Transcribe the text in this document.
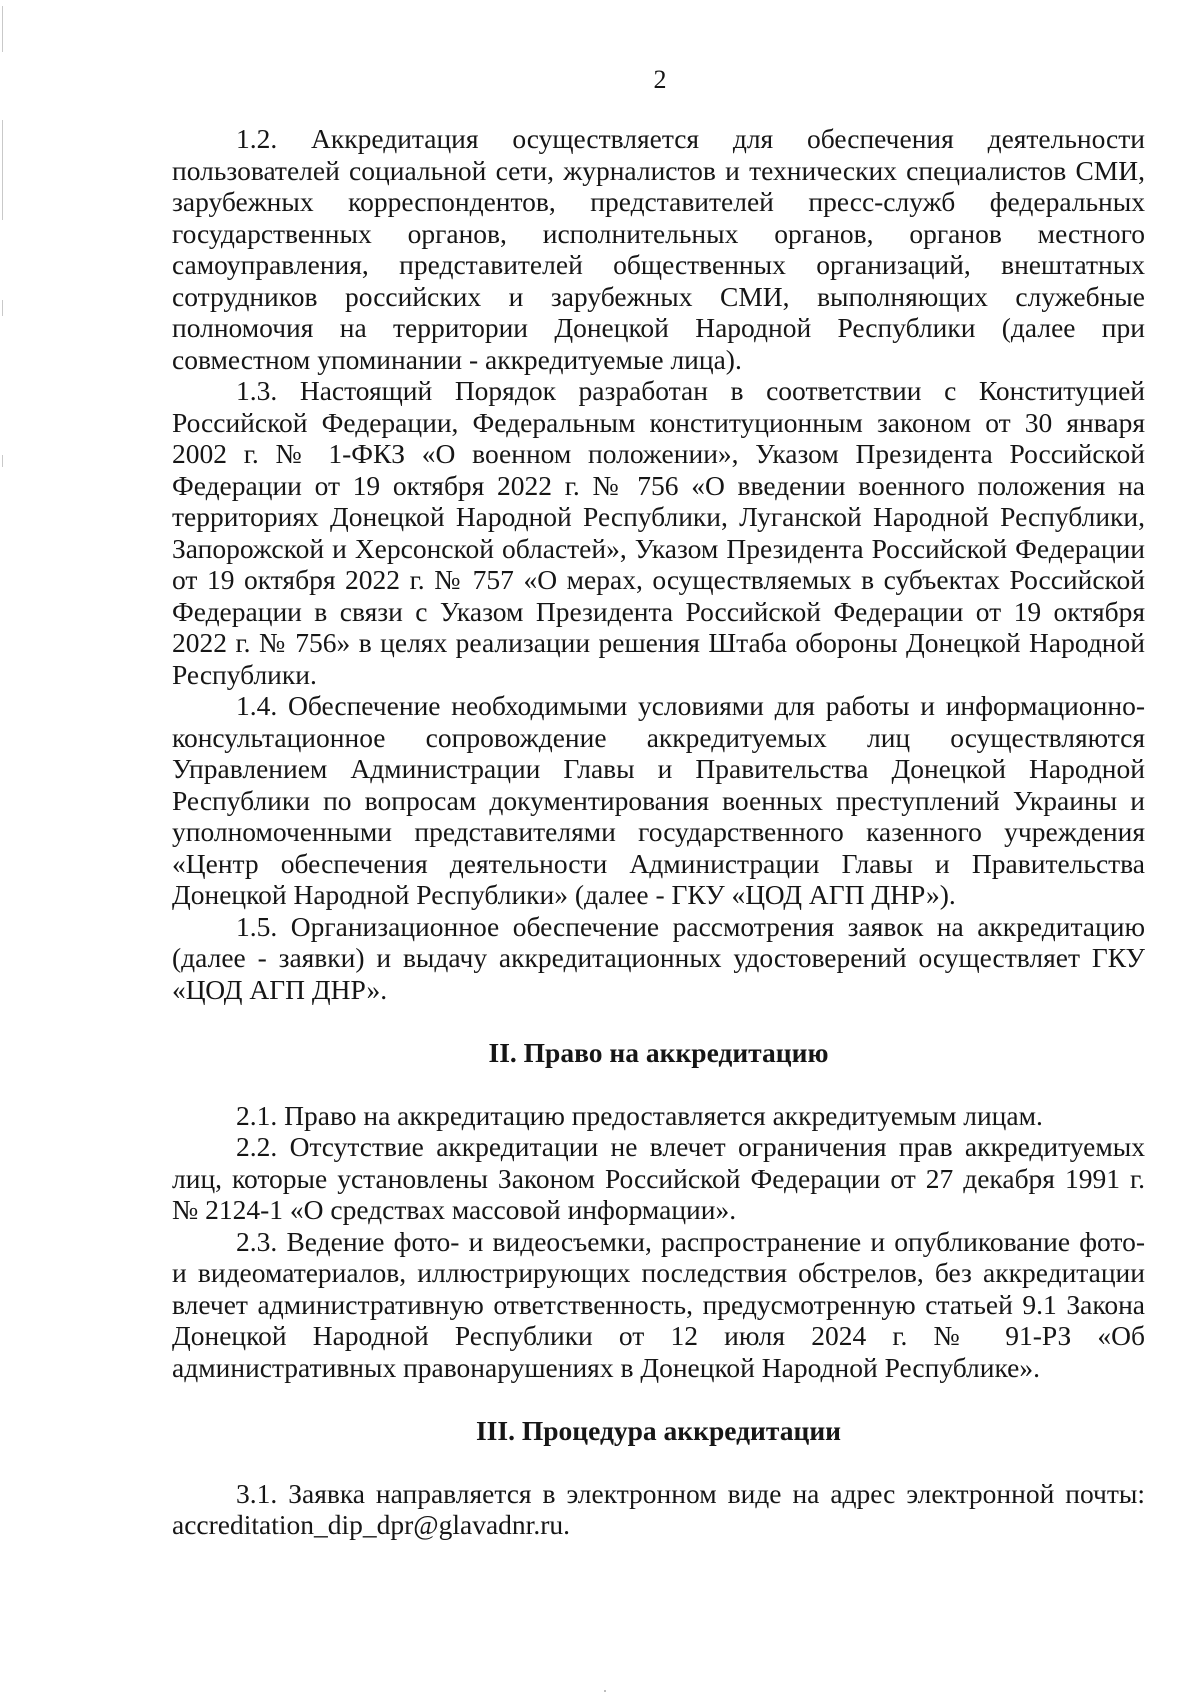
2

1.2. Аккредитация осуществляется для обеспечения деятельности пользователей социальной сети, журналистов и технических специалистов СМИ, зарубежных корреспондентов, представителей пресс-служб федеральных государственных органов, исполнительных органов, органов местного самоуправления, представителей общественных организаций, внештатных сотрудников российских и зарубежных СМИ, выполняющих служебные полномочия на территории Донецкой Народной Республики (далее при совместном упоминании - аккредитуемые лица).

1.3. Настоящий Порядок разработан в соответствии с Конституцией Российской Федерации, Федеральным конституционным законом от 30 января 2002 г. № 1-ФКЗ «О военном положении», Указом Президента Российской Федерации от 19 октября 2022 г. № 756 «О введении военного положения на территориях Донецкой Народной Республики, Луганской Народной Республики, Запорожской и Херсонской областей», Указом Президента Российской Федерации от 19 октября 2022 г. № 757 «О мерах, осуществляемых в субъектах Российской Федерации в связи с Указом Президента Российской Федерации от 19 октября 2022 г. № 756» в целях реализации решения Штаба обороны Донецкой Народной Республики.

1.4. Обеспечение необходимыми условиями для работы и информационно-консультационное сопровождение аккредитуемых лиц осуществляются Управлением Администрации Главы и Правительства Донецкой Народной Республики по вопросам документирования военных преступлений Украины и уполномоченными представителями государственного казенного учреждения «Центр обеспечения деятельности Администрации Главы и Правительства Донецкой Народной Республики» (далее - ГКУ «ЦОД АГП ДНР»).

1.5. Организационное обеспечение рассмотрения заявок на аккредитацию (далее - заявки) и выдачу аккредитационных удостоверений осуществляет ГКУ «ЦОД АГП ДНР».

II. Право на аккредитацию

2.1. Право на аккредитацию предоставляется аккредитуемым лицам.

2.2. Отсутствие аккредитации не влечет ограничения прав аккредитуемых лиц, которые установлены Законом Российской Федерации от 27 декабря 1991 г. № 2124-1 «О средствах массовой информации».

2.3. Ведение фото- и видеосъемки, распространение и опубликование фото- и видеоматериалов, иллюстрирующих последствия обстрелов, без аккредитации влечет административную ответственность, предусмотренную статьей 9.1 Закона Донецкой Народной Республики от 12 июля 2024 г. № 91-РЗ «Об административных правонарушениях в Донецкой Народной Республике».

III. Процедура аккредитации

3.1. Заявка направляется в электронном виде на адрес электронной почты: accreditation_dip_dpr@glavadnr.ru.
